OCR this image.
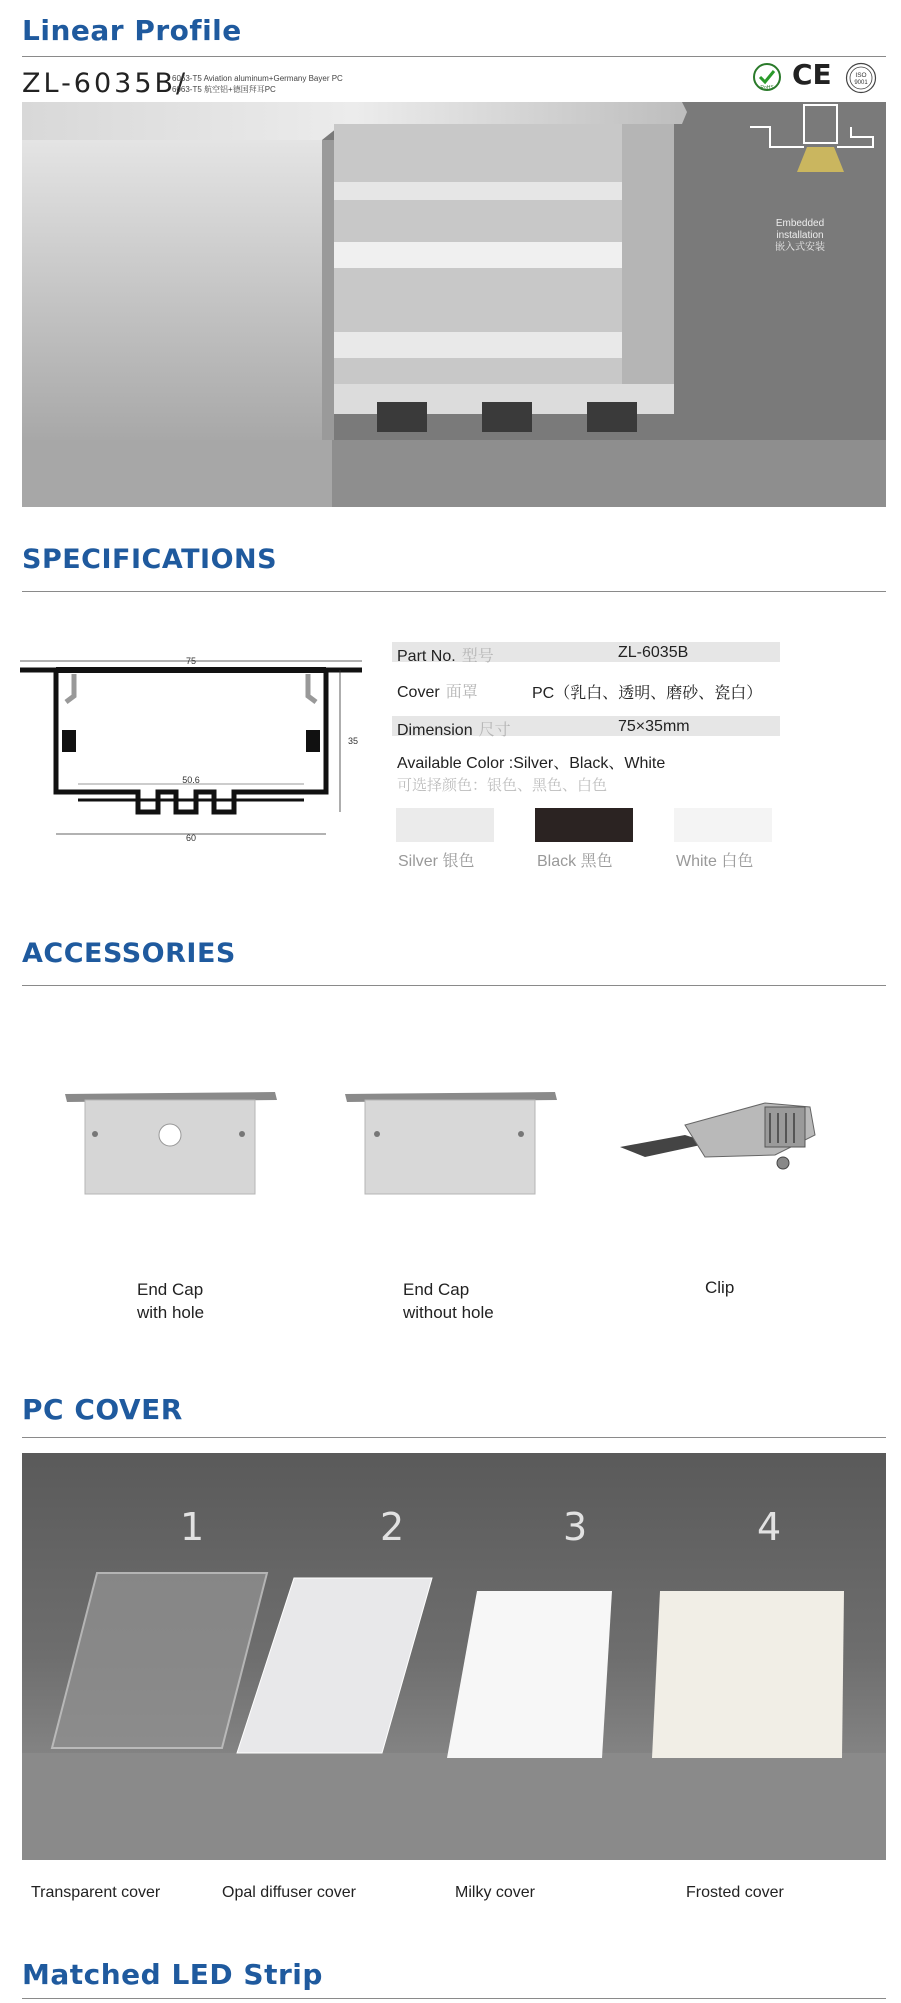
Linear Profile
ZL-6035B/
6063-T5 Aviation aluminum+Germany Bayer PC
6063-T5 航空铝+德国拜耳PC	RoHS CE	ISO
9001
Embedded
installation
嵌入式安装
SPECIFICATIONS
75
60
50.6
35
Part No. 型号	ZL-6035B
Cover 面罩	PC（乳白、透明、磨砂、瓷白）
Dimension 尺寸	75×35mm
Available Color :Silver、Black、White
可选择颜色：银色、黑色、白色
Silver 银色	Black 黑色	White 白色
ACCESSORIES
End Cap
with hole
End Cap
without hole
Clip
PC COVER
1	2	3	4
Transparent cover	Opal diffuser cover	Milky cover	Frosted cover
Matched LED Strip
